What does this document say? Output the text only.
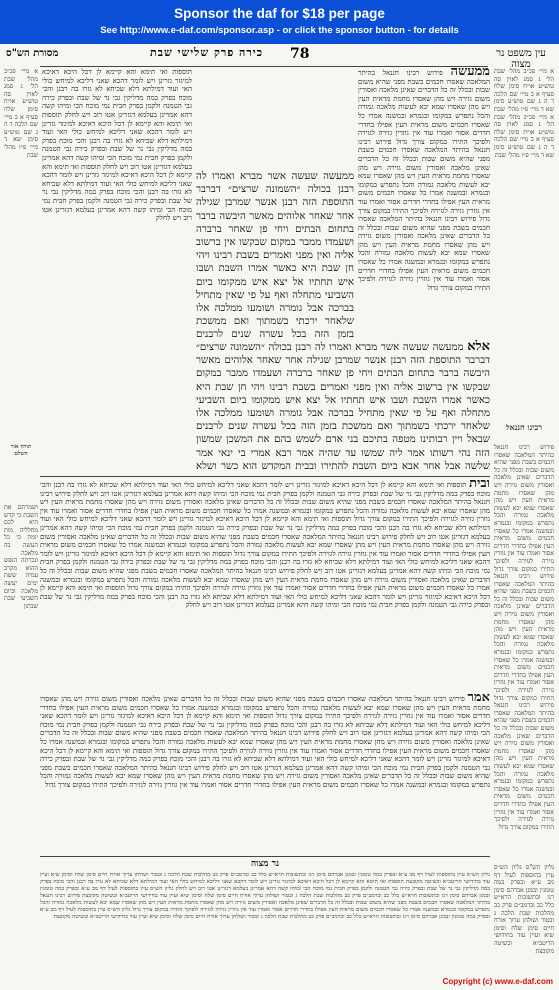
Sponsor the daf for $18 per page
See http://www.e-daf.com/sponsor.asp - or click the sponsor button - for details
מסורת הש"ס	78
כירה פרק שלישי שבת	עין משפט נר מצוה
א מיי׳ פכ״ב מהל׳ שבת הל׳ ג סמג לאוין סה טוש״ע או״ח סימן שלח סעיף א ב מיי׳ שם הלכה ד ה ג שם טוש״ע סימן שא ד מיי׳ פ״ו מהל׳ שבת
תורה אור השלם
ושמרתם את השבת כי קדש היא לכם מחלליה מות יומת כי כל העשה בה מלאכה ונכרתה הנפש ההוא מקרב עמיה ששת ימים יעשה מלאכה וביום השביעי שבת שבתון
תוספות ואי תימא והא קיימא לן דכל היכא דאיכא למיגזר גזרינן ויש לומר דהכא שאני דליכא למיחש כולי האי ועוד דמילתא דלא שכיחא לא גזרו בה רבנן והכי מוכח בפרק במה מדליקין גבי נר של שבת ובפרק כירה גבי הטמנה ולקמן בפרק חבית נמי מוכח הכי ומיהו קשה דהא אמרינן בעלמא דגזרינן אטו רוב ויש לחלק תוספות ואי תימא והא קיימא לן דכל היכא דאיכא למיגזר גזרינן ויש לומר דהכא שאני דליכא למיחש כולי האי ועוד דמילתא דלא שכיחא לא גזרו בה רבנן והכי מוכח בפרק במה מדליקין גבי נר של שבת ובפרק כירה גבי הטמנה ולקמן בפרק חבית נמי מוכח הכי ומיהו קשה דהא אמרינן בעלמא דגזרינן אטו רוב ויש לחלק תוספות ואי תימא והא קיימא לן דכל היכא דאיכא למיגזר גזרינן ויש לומר דהכא שאני דליכא למיחש כולי האי ועוד דמילתא דלא שכיחא לא גזרו בה רבנן והכי מוכח בפרק במה מדליקין גבי נר של שבת ובפרק כירה גבי הטמנה ולקמן בפרק חבית נמי מוכח הכי ומיהו קשה דהא אמרינן בעלמא דגזרינן אטו רוב ויש לחלק
ממעשה פירוש רבינו חננאל בהיתר המלאכה שאסרו חכמים בשבת מפני שהיא משום שבות ובכלל זה כל הדברים שאינן מלאכה ואסורין משום גזירה ויש מהן שאסרו מחמת מראית העין ויש מהן שאסרו שמא יבא לעשות מלאכה גמורה והכל נתפרש במקומו ובגמרא ובמשנה אמרו כל שאסרו חכמים משום מראית העין אפילו בחדרי חדרים אסור ואמרו עוד אין גוזרין גזירה לגזירה ולפיכך התירו במקום צורך גדול פירוש רבינו חננאל בהיתר המלאכה שאסרו חכמים בשבת מפני שהיא משום שבות ובכלל זה כל הדברים שאינן מלאכה ואסורין משום גזירה ויש מהן שאסרו מחמת מראית העין ויש מהן שאסרו שמא יבא לעשות מלאכה גמורה והכל נתפרש במקומו ובגמרא ובמשנה אמרו כל שאסרו חכמים משום מראית העין אפילו בחדרי חדרים אסור ואמרו עוד אין גוזרין גזירה לגזירה ולפיכך התירו במקום צורך גדול פירוש רבינו חננאל בהיתר המלאכה שאסרו חכמים בשבת מפני שהיא משום שבות ובכלל זה כל הדברים שאינן מלאכה ואסורין משום גזירה ויש מהן שאסרו מחמת מראית העין ויש מהן שאסרו שמא יבא לעשות מלאכה גמורה והכל נתפרש במקומו ובגמרא ובמשנה אמרו כל שאסרו חכמים משום מראית העין אפילו בחדרי חדרים אסור ואמרו עוד אין גוזרין גזירה לגזירה ולפיכך התירו במקום צורך גדול
א מיי׳ פכ״ב מהל׳ שבת הל׳ ג סמג לאוין סה טוש״ע או״ח סימן שלח סעיף א ב מיי׳ שם הלכה ד ה ג שם טוש״ע סימן שא ד מיי׳ פ״ו מהל׳ שבת א מיי׳ פכ״ב מהל׳ שבת הל׳ ג סמג לאוין סה טוש״ע או״ח סימן שלח סעיף א ב מיי׳ שם הלכה ד ה ג שם טוש״ע סימן שא ד מיי׳ פ״ו מהל׳ שבת
רבינו חננאל
פירוש רבינו חננאל בהיתר המלאכה שאסרו חכמים בשבת מפני שהיא משום שבות ובכלל זה כל הדברים שאינן מלאכה ואסורין משום גזירה ויש מהן שאסרו מחמת מראית העין ויש מהן שאסרו שמא יבא לעשות מלאכה גמורה והכל נתפרש במקומו ובגמרא ובמשנה אמרו כל שאסרו חכמים משום מראית העין אפילו בחדרי חדרים אסור ואמרו עוד אין גוזרין גזירה לגזירה ולפיכך התירו במקום צורך גדול פירוש רבינו חננאל בהיתר המלאכה שאסרו חכמים בשבת מפני שהיא משום שבות ובכלל זה כל הדברים שאינן מלאכה ואסורין משום גזירה ויש מהן שאסרו מחמת מראית העין ויש מהן שאסרו שמא יבא לעשות מלאכה גמורה והכל נתפרש במקומו ובגמרא ובמשנה אמרו כל שאסרו חכמים משום מראית העין אפילו בחדרי חדרים אסור ואמרו עוד אין גוזרין גזירה לגזירה ולפיכך התירו במקום צורך גדול פירוש רבינו חננאל בהיתר המלאכה שאסרו חכמים בשבת מפני שהיא משום שבות ובכלל זה כל הדברים שאינן מלאכה ואסורין משום גזירה ויש מהן שאסרו מחמת מראית העין ויש מהן שאסרו שמא יבא לעשות מלאכה גמורה והכל נתפרש במקומו ובגמרא ובמשנה אמרו כל שאסרו חכמים משום מראית העין אפילו בחדרי חדרים אסור ואמרו עוד אין גוזרין גזירה לגזירה ולפיכך התירו במקום צורך גדול
ממעשה שעשה אשר מברא ואמרו לה רבנן בכולה ״השמונה שרצים״ דברבר התוספת הזה רבנן אנשר שמרבן שגילה אחר שאחר אלוהים מאשר היבשה ברבר בתחום הבתים ויחי פן שאחר ברברה ושעמדו ממבר במקום שבקשו אין ברשוב אליה ואין מפני ואמרים בשבת רבינו ויהי חן שבת היא כאשר אמרו השבת ושבו איש תחתיו אל יצא איש ממקומו ביום השביעי מתחלה ואף על פי שאין מתחיל בברכה אבל גומרה ושומעו ממלכה אלו שלאחר ירכתי בשמתוך ואם ממשכת בזמן הזה בכל עשרה שנים לרבנים
אלא ממעשה שעשה אשר מברא ואמרו לה רבנן בכולה ״השמונה שרצים״ דברבר התוספת הזה רבנן אנשר שמרבן שגילה אחר שאחר אלוהים מאשר היבשה ברבר בתחום הבתים ויחי פן שאחר ברברה ושעמדו ממבר במקום שבקשו אין ברשוב אליה ואין מפני ואמרים בשבת רבינו ויהי חן שבת היא כאשר אמרו השבת ושבו איש תחתיו אל יצא איש ממקומו ביום השביעי מתחלה ואף על פי שאין מתחיל בברכה אבל גומרה ושומעו ממלכה אלו שלאחר ירכתי בשמתוך ואם ממשכת בזמן הזה בכל עשרה שנים לרבנים שבאל ויין רבותינו מטפה בתיכם בני אדם לשמש בהם את המשכן שמשון הזה נהי רשותו אמר ליה שמשו עד שהיה אמר רבא אמרי בי ינאי אמר שלשה אבל אחר אבא ביום השבת להתירו ובבית המקדש הוא כשר ושלא
ובית תוספות ואי תימא והא קיימא לן דכל היכא דאיכא למיגזר גזרינן ויש לומר דהכא שאני דליכא למיחש כולי האי ועוד דמילתא דלא שכיחא לא גזרו בה רבנן והכי מוכח בפרק במה מדליקין גבי נר של שבת ובפרק כירה גבי הטמנה ולקמן בפרק חבית נמי מוכח הכי ומיהו קשה דהא אמרינן בעלמא דגזרינן אטו רוב ויש לחלק פירוש רבינו חננאל בהיתר המלאכה שאסרו חכמים בשבת מפני שהיא משום שבות ובכלל זה כל הדברים שאינן מלאכה ואסורין משום גזירה ויש מהן שאסרו מחמת מראית העין ויש מהן שאסרו שמא יבא לעשות מלאכה גמורה והכל נתפרש במקומו ובגמרא ובמשנה אמרו כל שאסרו חכמים משום מראית העין אפילו בחדרי חדרים אסור ואמרו עוד אין גוזרין גזירה לגזירה ולפיכך התירו במקום צורך גדול תוספות ואי תימא והא קיימא לן דכל היכא דאיכא למיגזר גזרינן ויש לומר דהכא שאני דליכא למיחש כולי האי ועוד דמילתא דלא שכיחא לא גזרו בה רבנן והכי מוכח בפרק במה מדליקין גבי נר של שבת ובפרק כירה גבי הטמנה ולקמן בפרק חבית נמי מוכח הכי ומיהו קשה דהא אמרינן בעלמא דגזרינן אטו רוב ויש לחלק פירוש רבינו חננאל בהיתר המלאכה שאסרו חכמים בשבת מפני שהיא משום שבות ובכלל זה כל הדברים שאינן מלאכה ואסורין משום גזירה ויש מהן שאסרו מחמת מראית העין ויש מהן שאסרו שמא יבא לעשות מלאכה גמורה והכל נתפרש במקומו ובגמרא ובמשנה אמרו כל שאסרו חכמים משום מראית העין אפילו בחדרי חדרים אסור ואמרו עוד אין גוזרין גזירה לגזירה ולפיכך התירו במקום צורך גדול תוספות ואי תימא והא קיימא לן דכל היכא דאיכא למיגזר גזרינן ויש לומר דהכא שאני דליכא למיחש כולי האי ועוד דמילתא דלא שכיחא לא גזרו בה רבנן והכי מוכח בפרק במה מדליקין גבי נר של שבת ובפרק כירה גבי הטמנה ולקמן בפרק חבית נמי מוכח הכי ומיהו קשה דהא אמרינן בעלמא דגזרינן אטו רוב ויש לחלק פירוש רבינו חננאל בהיתר המלאכה שאסרו חכמים בשבת מפני שהיא משום שבות ובכלל זה כל הדברים שאינן מלאכה ואסורין משום גזירה ויש מהן שאסרו מחמת מראית העין ויש מהן שאסרו שמא יבא לעשות מלאכה גמורה והכל נתפרש במקומו ובגמרא ובמשנה אמרו כל שאסרו חכמים משום מראית העין אפילו בחדרי חדרים אסור ואמרו עוד אין גוזרין גזירה לגזירה ולפיכך התירו במקום צורך גדול תוספות ואי תימא והא קיימא לן דכל היכא דאיכא למיגזר גזרינן ויש לומר דהכא שאני דליכא למיחש כולי האי ועוד דמילתא דלא שכיחא לא גזרו בה רבנן והכי מוכח בפרק במה מדליקין גבי נר של שבת ובפרק כירה גבי הטמנה ולקמן בפרק חבית נמי מוכח הכי ומיהו קשה דהא אמרינן בעלמא דגזרינן אטו רוב ויש לחלק
אמר פירוש רבינו חננאל בהיתר המלאכה שאסרו חכמים בשבת מפני שהיא משום שבות ובכלל זה כל הדברים שאינן מלאכה ואסורין משום גזירה ויש מהן שאסרו מחמת מראית העין ויש מהן שאסרו שמא יבא לעשות מלאכה גמורה והכל נתפרש במקומו ובגמרא ובמשנה אמרו כל שאסרו חכמים משום מראית העין אפילו בחדרי חדרים אסור ואמרו עוד אין גוזרין גזירה לגזירה ולפיכך התירו במקום צורך גדול תוספות ואי תימא והא קיימא לן דכל היכא דאיכא למיגזר גזרינן ויש לומר דהכא שאני דליכא למיחש כולי האי ועוד דמילתא דלא שכיחא לא גזרו בה רבנן והכי מוכח בפרק במה מדליקין גבי נר של שבת ובפרק כירה גבי הטמנה ולקמן בפרק חבית נמי מוכח הכי ומיהו קשה דהא אמרינן בעלמא דגזרינן אטו רוב ויש לחלק פירוש רבינו חננאל בהיתר המלאכה שאסרו חכמים בשבת מפני שהיא משום שבות ובכלל זה כל הדברים שאינן מלאכה ואסורין משום גזירה ויש מהן שאסרו מחמת מראית העין ויש מהן שאסרו שמא יבא לעשות מלאכה גמורה והכל נתפרש במקומו ובגמרא ובמשנה אמרו כל שאסרו חכמים משום מראית העין אפילו בחדרי חדרים אסור ואמרו עוד אין גוזרין גזירה לגזירה ולפיכך התירו במקום צורך גדול תוספות ואי תימא והא קיימא לן דכל היכא דאיכא למיגזר גזרינן ויש לומר דהכא שאני דליכא למיחש כולי האי ועוד דמילתא דלא שכיחא לא גזרו בה רבנן והכי מוכח בפרק במה מדליקין גבי נר של שבת ובפרק כירה גבי הטמנה ולקמן בפרק חבית נמי מוכח הכי ומיהו קשה דהא אמרינן בעלמא דגזרינן אטו רוב ויש לחלק פירוש רבינו חננאל בהיתר המלאכה שאסרו חכמים בשבת מפני שהיא משום שבות ובכלל זה כל הדברים שאינן מלאכה ואסורין משום גזירה ויש מהן שאסרו מחמת מראית העין ויש מהן שאסרו שמא יבא לעשות מלאכה גמורה והכל נתפרש במקומו ובגמרא ובמשנה אמרו כל שאסרו חכמים משום מראית העין אפילו בחדרי חדרים אסור ואמרו עוד אין גוזרין גזירה לגזירה ולפיכך התירו במקום צורך גדול
נר מצוה
גליון הש״ס עיין בתוספות לעיל דף מב ע״א ובפרק במה טומנין ובמגן אברהם סימן רנז ובתשובות הרא״ש כלל כב וברמב״ם פרק כב מהלכות שבת הלכה ג ובטור ושולחן ערוך אורח חיים סימן שלח וסימן שיא ועיין עוד בחידושי הריטב״א ובשיטה מקובצת תוספות ואי תימא והא קיימא לן דכל היכא דאיכא למיגזר גזרינן ויש לומר דהכא שאני דליכא למיחש כולי האי ועוד דמילתא דלא שכיחא לא גזרו בה רבנן והכי מוכח בפרק במה מדליקין גבי נר של שבת ובפרק כירה גבי הטמנה ולקמן בפרק חבית נמי מוכח הכי ומיהו קשה דהא אמרינן בעלמא דגזרינן אטו רוב ויש לחלק גליון הש״ס עיין בתוספות לעיל דף מב ע״א ובפרק במה טומנין ובמגן אברהם סימן רנז ובתשובות הרא״ש כלל כב וברמב״ם פרק כב מהלכות שבת הלכה ג ובטור ושולחן ערוך אורח חיים סימן שלח וסימן שיא ועיין עוד בחידושי הריטב״א ובשיטה מקובצת פירוש רבינו חננאל בהיתר המלאכה שאסרו חכמים בשבת מפני שהיא משום שבות ובכלל זה כל הדברים שאינן מלאכה ואסורין משום גזירה ויש מהן שאסרו מחמת מראית העין ויש מהן שאסרו שמא יבא לעשות מלאכה גמורה והכל נתפרש במקומו ובגמרא ובמשנה אמרו כל שאסרו חכמים משום מראית העין אפילו בחדרי חדרים אסור ואמרו עוד אין גוזרין גזירה לגזירה ולפיכך התירו במקום צורך גדול גליון הש״ס עיין בתוספות לעיל דף מב ע״א ובפרק במה טומנין ובמגן אברהם סימן רנז ובתשובות הרא״ש כלל כב וברמב״ם פרק כב מהלכות שבת הלכה ג ובטור ושולחן ערוך אורח חיים סימן שלח וסימן שיא ועיין עוד בחידושי הריטב״א ובשיטה מקובצת
גליון הש"ס גליון הש״ס עיין בתוספות לעיל דף מב ע״א ובפרק במה טומנין ובמגן אברהם סימן רנז ובתשובות הרא״ש כלל כב וברמב״ם פרק כב מהלכות שבת הלכה ג ובטור ושולחן ערוך אורח חיים סימן שלח וסימן שיא ועיין עוד בחידושי הריטב״א ובשיטה מקובצת
Copyright (c) www.e-daf.com
